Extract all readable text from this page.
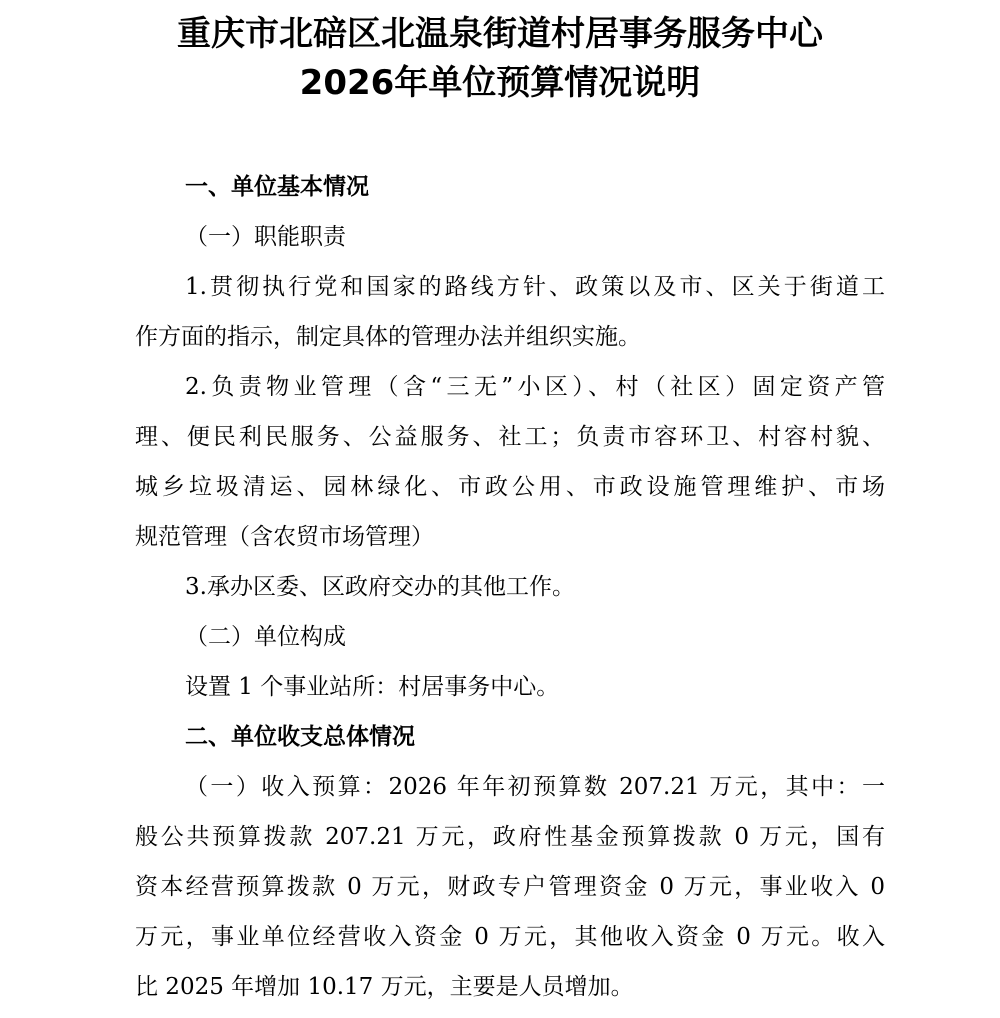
重庆市北碚区北温泉街道村居事务服务中心
2026年单位预算情况说明
一、单位基本情况
（一）职能职责
1.贯彻执行党和国家的路线方针、政策以及市、区关于街道工
作方面的指示，制定具体的管理办法并组织实施。
2.负责物业管理（含“三无”小区）、村（社区）固定资产管
理、便民利民服务、公益服务、社工；负责市容环卫、村容村貌、
城乡垃圾清运、园林绿化、市政公用、市政设施管理维护、市场
规范管理（含农贸市场管理）
3.承办区委、区政府交办的其他工作。
（二）单位构成
设置 1 个事业站所：村居事务中心。
二、单位收支总体情况
（一）收入预算：2026 年年初预算数 207.21 万元，其中：一
般公共预算拨款 207.21 万元，政府性基金预算拨款 0 万元，国有
资本经营预算拨款 0 万元，财政专户管理资金 0 万元，事业收入 0
万元，事业单位经营收入资金 0 万元，其他收入资金 0 万元。收入
比 2025 年增加 10.17 万元，主要是人员增加。
